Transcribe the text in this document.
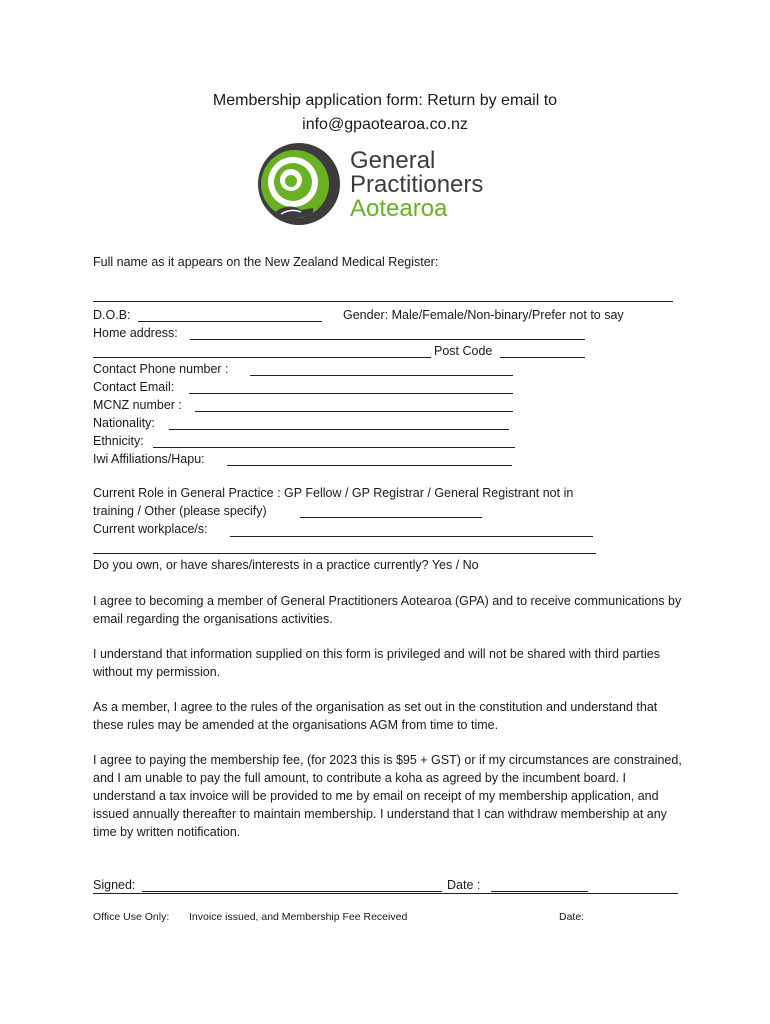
Membership application form: Return by email to
info@gpaotearoa.co.nz
General
Practitioners
Aotearoa
Full name as it appears on the New Zealand Medical Register:
D.O.B:	Gender: Male/Female/Non-binary/Prefer not to say
Home address:
Post Code
Contact Phone number :
Contact Email:
MCNZ number :
Nationality:
Ethnicity:
Iwi Affiliations/Hapu:
Current Role in General Practice : GP Fellow / GP Registrar / General Registrant not in
training / Other (please specify)
Current workplace/s:
Do you own, or have shares/interests in a practice currently? Yes / No
I agree to becoming a member of General Practitioners Aotearoa (GPA) and to receive communications by email regarding the organisations activities.
I understand that information supplied on this form is privileged and will not be shared with third parties without my permission.
As a member, I agree to the rules of the organisation as set out in the constitution and understand that these rules may be amended at the organisations AGM from time to time.
I agree to paying the membership fee, (for 2023 this is $95 + GST) or if my circumstances are constrained, and I am unable to pay the full amount, to contribute a koha as agreed by the incumbent board. I understand a tax invoice will be provided to me by email on receipt of my membership application, and issued annually thereafter to maintain membership. I understand that I can withdraw membership at any time by written notification.
Signed:	Date :
Office Use Only: Invoice issued, and Membership Fee Received	Date:
